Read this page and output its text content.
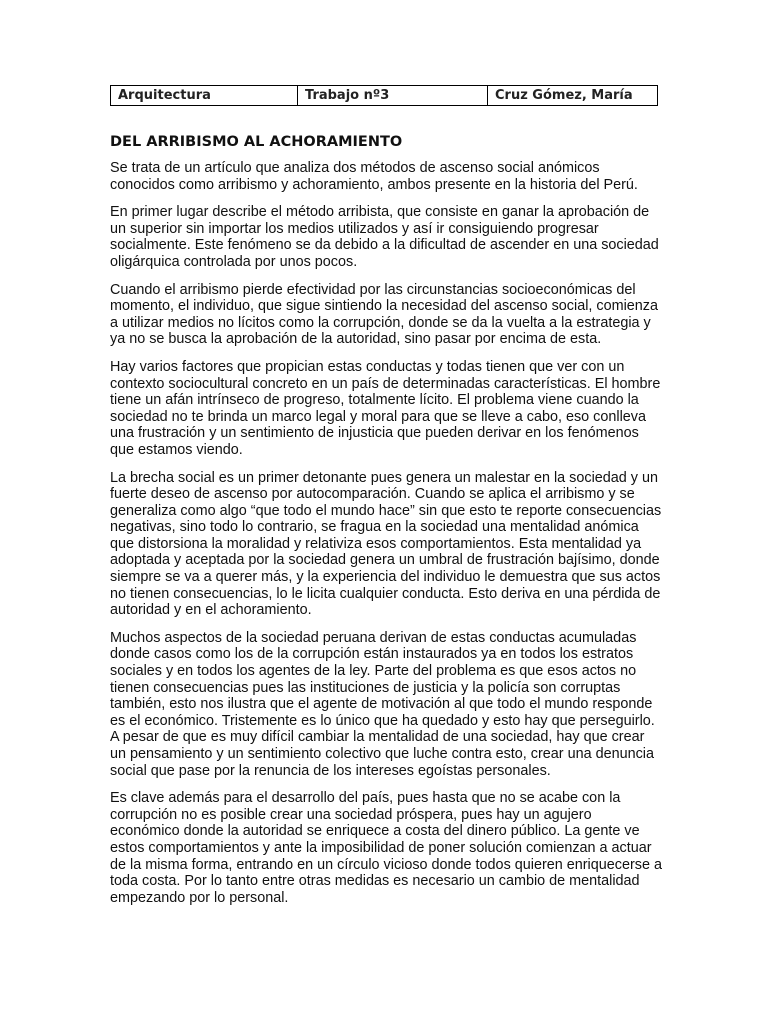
Arquitectura	Trabajo nº3	Cruz Gómez, María
DEL ARRIBISMO AL ACHORAMIENTO

Se trata de un artículo que analiza dos métodos de ascenso social anómicos conocidos como arribismo y achoramiento, ambos presente en la historia del Perú.

En primer lugar describe el método arribista, que consiste en ganar la aprobación de un superior sin importar los medios utilizados y así ir consiguiendo progresar socialmente. Este fenómeno se da debido a la dificultad de ascender en una sociedad oligárquica controlada por unos pocos.

Cuando el arribismo pierde efectividad por las circunstancias socioeconómicas del momento, el individuo, que sigue sintiendo la necesidad del ascenso social, comienza a utilizar medios no lícitos como la corrupción, donde se da la vuelta a la estrategia y ya no se busca la aprobación de la autoridad, sino pasar por encima de esta.

Hay varios factores que propician estas conductas y todas tienen que ver con un contexto sociocultural concreto en un país de determinadas características. El hombre tiene un afán intrínseco de progreso, totalmente lícito. El problema viene cuando la sociedad no te brinda un marco legal y moral para que se lleve a cabo, eso conlleva una frustración y un sentimiento de injusticia que pueden derivar en los fenómenos que estamos viendo.

La brecha social es un primer detonante pues genera un malestar en la sociedad y un fuerte deseo de ascenso por autocomparación. Cuando se aplica el arribismo y se generaliza como algo “que todo el mundo hace” sin que esto te reporte consecuencias negativas, sino todo lo contrario, se fragua en la sociedad una mentalidad anómica que distorsiona la moralidad y relativiza esos comportamientos. Esta mentalidad ya adoptada y aceptada por la sociedad genera un umbral de frustración bajísimo, donde siempre se va a querer más, y la experiencia del individuo le demuestra que sus actos no tienen consecuencias, lo le licita cualquier conducta. Esto deriva en una pérdida de autoridad y en el achoramiento.

Muchos aspectos de la sociedad peruana derivan de estas conductas acumuladas donde casos como los de la corrupción están instaurados ya en todos los estratos sociales y en todos los agentes de la ley. Parte del problema es que esos actos no tienen consecuencias pues las instituciones de justicia y la policía son corruptas también, esto nos ilustra que el agente de motivación al que todo el mundo responde es el económico. Tristemente es lo único que ha quedado y esto hay que perseguirlo. A pesar de que es muy difícil cambiar la mentalidad de una sociedad, hay que crear un pensamiento y un sentimiento colectivo que luche contra esto, crear una denuncia social que pase por la renuncia de los intereses egoístas personales.

Es clave además para el desarrollo del país, pues hasta que no se acabe con la corrupción no es posible crear una sociedad próspera, pues hay un agujero económico donde la autoridad se enriquece a costa del dinero público. La gente ve estos comportamientos y ante la imposibilidad de poner solución comienzan a actuar de la misma forma, entrando en un círculo vicioso donde todos quieren enriquecerse a toda costa. Por lo tanto entre otras medidas es necesario un cambio de mentalidad empezando por lo personal.
